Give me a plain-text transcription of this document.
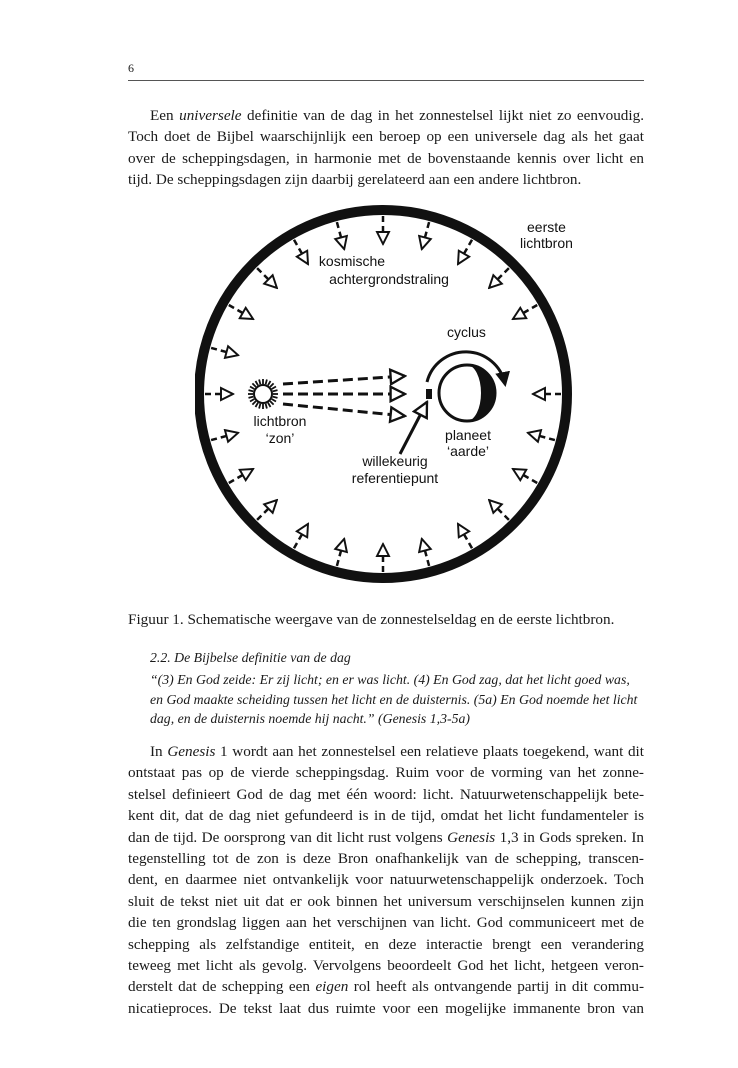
6
Een universele definitie van de dag in het zonnestelsel lijkt niet zo eenvoudig.
Toch doet de Bijbel waarschijnlijk een beroep op een universele dag als het gaat
over de scheppingsdagen, in harmonie met de bovenstaande kennis over licht en
tijd. De scheppingsdagen zijn daarbij gerelateerd aan een andere lichtbron.
eerste
lichtbron
kosmische
achtergrondstraling
cyclus
lichtbron
‘zon’	planeet
‘aarde’
willekeurig
referentiepunt
Figuur 1. Schematische weergave van de zonnestelseldag en de eerste lichtbron.
2.2. De Bijbelse definitie van de dag
“(3) En God zeide: Er zij licht; en er was licht. (4) En God zag, dat het licht goed was,
en God maakte scheiding tussen het licht en de duisternis. (5a) En God noemde het licht
dag, en de duisternis noemde hij nacht.” (Genesis 1,3-5a)
In Genesis 1 wordt aan het zonnestelsel een relatieve plaats toegekend, want dit
ontstaat pas op de vierde scheppingsdag. Ruim voor de vorming van het zonne-
stelsel definieert God de dag met één woord: licht. Natuurwetenschappelijk bete-
kent dit, dat de dag niet gefundeerd is in de tijd, omdat het licht fundamenteler is
dan de tijd. De oorsprong van dit licht rust volgens Genesis 1,3 in Gods spreken. In
tegenstelling tot de zon is deze Bron onafhankelijk van de schepping, transcen-
dent, en daarmee niet ontvankelijk voor natuurwetenschappelijk onderzoek. Toch
sluit de tekst niet uit dat er ook binnen het universum verschijnselen kunnen zijn
die ten grondslag liggen aan het verschijnen van licht. God communiceert met de
schepping als zelfstandige entiteit, en deze interactie brengt een verandering
teweeg met licht als gevolg. Vervolgens beoordeelt God het licht, hetgeen veron-
derstelt dat de schepping een eigen rol heeft als ontvangende partij in dit commu-
nicatieproces. De tekst laat dus ruimte voor een mogelijke immanente bron van
